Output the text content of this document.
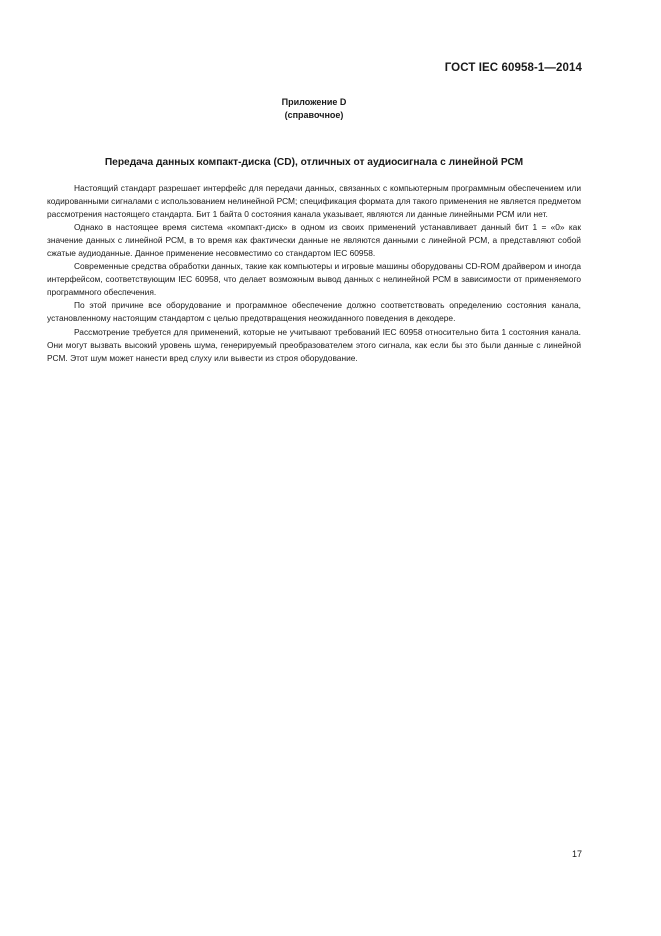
ГОСТ IEC 60958-1—2014
Приложение D
(справочное)
Передача данных компакт-диска (CD), отличных от аудиосигнала с линейной РСМ

Настоящий стандарт разрешает интерфейс для передачи данных, связанных с компьютерным программным обеспечением или кодированными сигналами с использованием нелинейной РСМ; спецификация формата для такого применения не является предметом рассмотрения настоящего стандарта. Бит 1 байта 0 состояния канала указывает, являются ли данные линейными РСМ или нет.

Однако в настоящее время система «компакт-диск» в одном из своих применений устанавливает данный бит 1 = «0» как значение данных с линейной РСМ, в то время как фактически данные не являются данными с линейной РСМ, а представляют собой сжатые аудиоданные. Данное применение несовместимо со стандартом IEC 60958.

Современные средства обработки данных, такие как компьютеры и игровые машины оборудованы CD-ROM драйвером и иногда интерфейсом, соответствующим IEC 60958, что делает возможным вывод данных с нелинейной РСМ в зависимости от применяемого программного обеспечения.

По этой причине все оборудование и программное обеспечение должно соответствовать определению состояния канала, установленному настоящим стандартом с целью предотвращения неожиданного поведения в декодере.

Рассмотрение требуется для применений, которые не учитывают требований IEC 60958 относительно бита 1 состояния канала. Они могут вызвать высокий уровень шума, генерируемый преобразователем этого сигнала, как если бы это были данные с линейной РСМ. Этот шум может нанести вред слуху или вывести из строя оборудование.

17
